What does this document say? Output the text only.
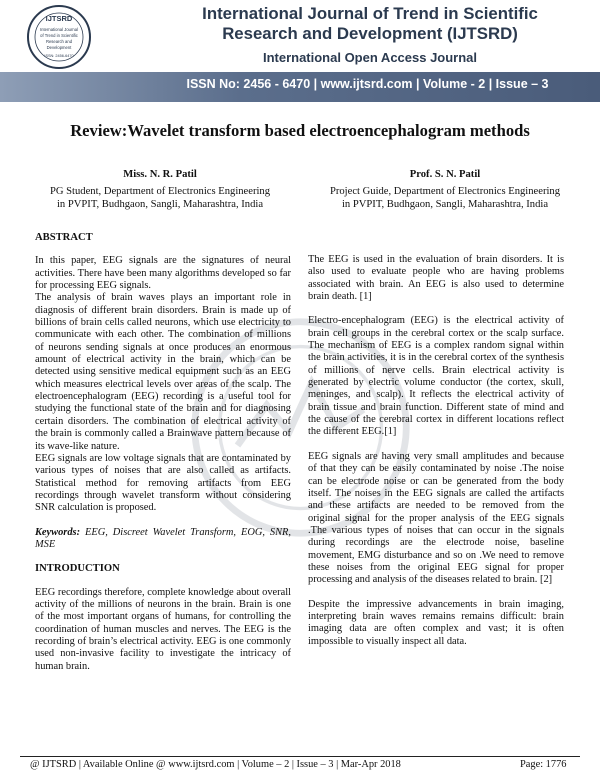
IJTSRD
International Journal
of Trend in Scientific
Research and
Development
ISSN: 2456-6470
International Journal of Trend in Scientific
Research and Development (IJTSRD)
International Open Access Journal
ISSN No: 2456 - 6470 | www.ijtsrd.com | Volume - 2 | Issue – 3
Review:Wavelet transform based electroencephalogram methods
Miss. N. R. Patil
PG Student, Department of Electronics Engineering
in PVPIT, Budhgaon, Sangli, Maharashtra, India
Prof. S. N. Patil
Project Guide, Department of Electronics Engineering
in PVPIT, Budhgaon, Sangli, Maharashtra, India
ABSTRACT

In this paper, EEG signals are the signatures of neural activities. There have been many algorithms developed so far for processing EEG signals.

The analysis of brain waves plays an important role in diagnosis of different brain disorders. Brain is made up of billions of brain cells called neurons, which use electricity to communicate with each other. The combination of millions of neurons sending signals at once produces an enormous amount of electrical activity in the brain, which can be detected using sensitive medical equipment such as an EEG which measures electrical levels over areas of the scalp. The electroencephalogram (EEG) recording is a useful tool for studying the functional state of the brain and for diagnosing certain disorders. The combination of electrical activity of the brain is commonly called a Brainwave pattern because of its wave-like nature.

EEG signals are low voltage signals that are contaminated by various types of noises that are also called as artifacts. Statistical method for removing artifacts from EEG recordings through wavelet transform without considering SNR calculation is proposed.

Keywords: EEG, Discreet Wavelet Transform, EOG, SNR, MSE

INTRODUCTION

EEG recordings therefore, complete knowledge about overall activity of the millions of neurons in the brain. Brain is one of the most important organs of humans, for controlling the coordination of human muscles and nerves. The EEG is the recording of brain’s electrical activity. EEG is one commonly used non-invasive facility to investigate the intricacy of human brain.

The EEG is used in the evaluation of brain disorders. It is also used to evaluate people who are having problems associated with brain. An EEG is also used to determine brain death. [1]

Electro-encephalogram (EEG) is the electrical activity of brain cell groups in the cerebral cortex or the scalp surface. The mechanism of EEG is a complex random signal within the brain activities, it is in the cerebral cortex of the synthesis of millions of nerve cells. Brain electrical activity is generated by electric volume conductor (the cortex, skull, meninges, and scalp). It reflects the electrical activity of brain tissue and brain function. Different state of mind and the cause of the cerebral cortex in different locations reflect the different EEG.[1]

EEG signals are having very small amplitudes and because of that they can be easily contaminated by noise .The noise can be electrode noise or can be generated from the body itself. The noises in the EEG signals are called the artifacts and these artifacts are needed to be removed from the original signal for the proper analysis of the EEG signals .The various types of noises that can occur in the signals during recordings are the electrode noise, baseline movement, EMG disturbance and so on .We need to remove these noises from the original EEG signal for proper processing and analysis of the diseases related to brain. [2]

Despite the impressive advancements in brain imaging, interpreting brain waves remains remains difficult: brain imaging data are often complex and vast; it is often impossible to visually inspect all data.

@ IJTSRD | Available Online @ www.ijtsrd.com | Volume – 2 | Issue – 3 | Mar-Apr 2018	Page: 1776
